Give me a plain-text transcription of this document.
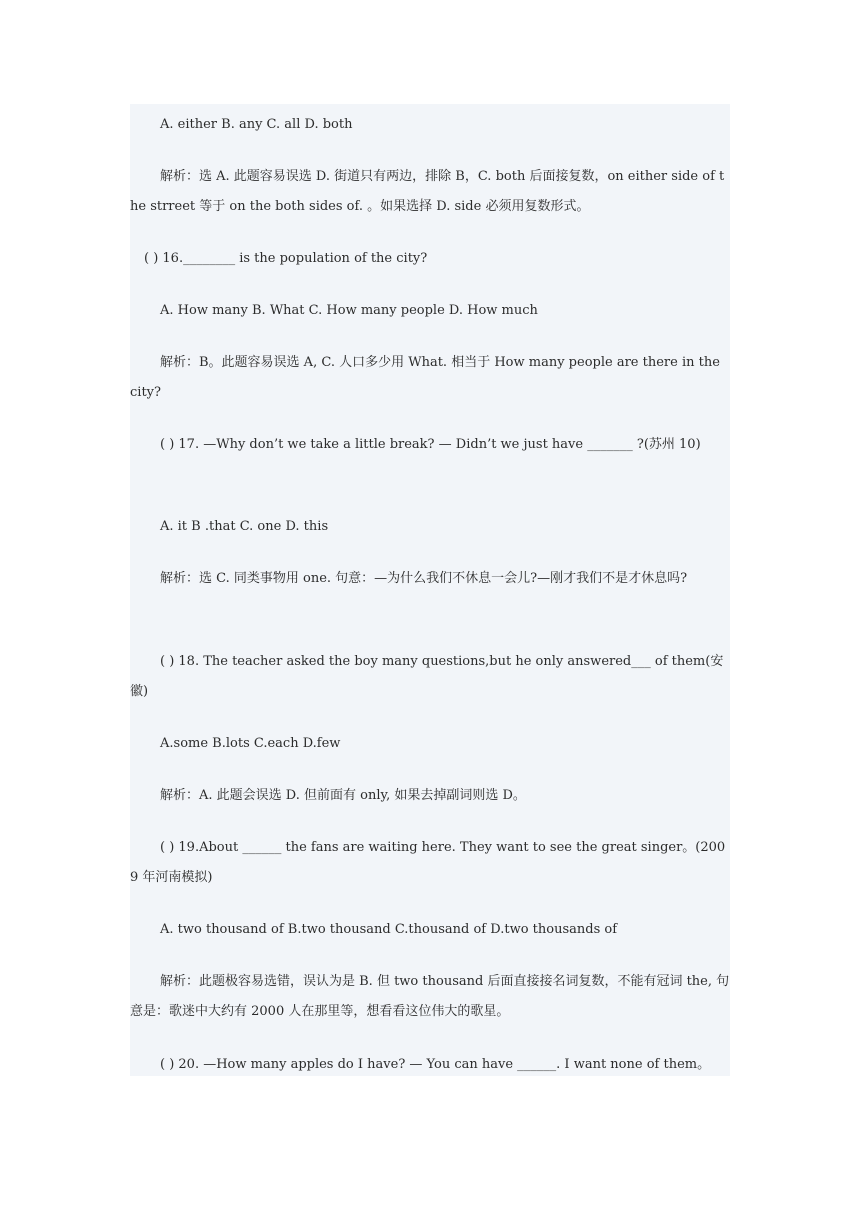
A. either B. any C. all D. both

解析：选 A. 此题容易误选 D. 街道只有两边，排除 B，C. both 后面接复数，on either side of the strreet 等于 on the both sides of. 。如果选择 D. side 必须用复数形式。

( ) 16.________ is the population of the city?

A. How many B. What C. How many people D. How much

解析：B。此题容易误选 A, C. 人口多少用 What. 相当于 How many people are there in the city?

( ) 17. —Why don’t we take a little break? — Didn’t we just have _______ ?(苏州 10)

A. it B .that C. one D. this

解析：选 C. 同类事物用 one. 句意：—为什么我们不休息一会儿?—刚才我们不是才休息吗?

( ) 18. The teacher asked the boy many questions,but he only answered___ of them(安徽)

A.some B.lots C.each D.few

解析：A. 此题会误选 D. 但前面有 only, 如果去掉副词则选 D。

( ) 19.About ______ the fans are waiting here. They want to see the great singer。(2009 年河南模拟)

A. two thousand of B.two thousand C.thousand of D.two thousands of

解析：此题极容易选错，误认为是 B. 但 two thousand 后面直接接名词复数，不能有冠词 the, 句意是：歌迷中大约有 2000 人在那里等，想看看这位伟大的歌星。

( ) 20. —How many apples do I have? — You can have ______. I want none of them。
